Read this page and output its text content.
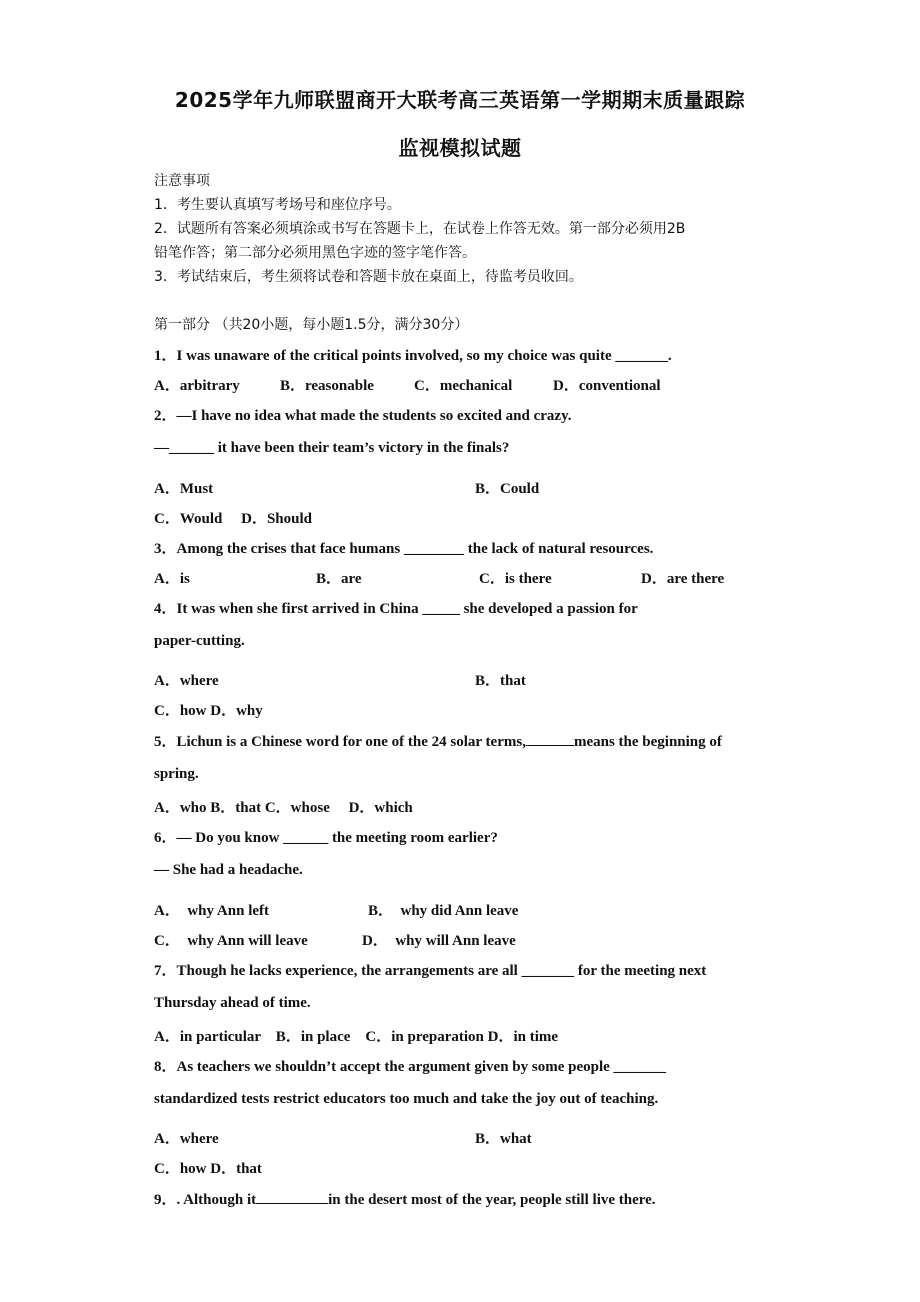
2025学年九师联盟商开大联考高三英语第一学期期末质量跟踪
监视模拟试题
注意事项
1．考生要认真填写考场号和座位序号。
2．试题所有答案必须填涂或书写在答题卡上，在试卷上作答无效。第一部分必须用2B
铅笔作答；第二部分必须用黑色字迹的签字笔作答。
3．考试结束后，考生须将试卷和答题卡放在桌面上，待监考员收回。
第一部分 （共20小题，每小题1.5分，满分30分）
1．I was unaware of the critical points involved, so my choice was quite _______.
A．arbitrary	B．reasonable	C．mechanical	D．conventional
2．—I have no idea what made the students so excited and crazy.
—______ it have been their team’s victory in the finals?
A．Must	B．Could
C．Would　 D．Should
3．Among the crises that face humans ________ the lack of natural resources.
A．is	B．are	C．is there	D．are there
4．It was when she first arrived in China _____ she developed a passion for
paper-cutting.
A．where	B．that
C．how D．why
5．Lichun is a Chinese word for one of the 24 solar terms,	means the beginning of
spring.
A．who B．that C．whose　 D．which
6．— Do you know ______ the meeting room earlier?
— She had a headache.
A．　why Ann left	B．　why did Ann leave
C．　why Ann will leave	D．　why will Ann leave
7．Though he lacks experience, the arrangements are all _______ for the meeting next
Thursday ahead of time.
A．in particular　B．in place　C．in preparation D．in time
8．As teachers we shouldn’t accept the argument given by some people _______
standardized tests restrict educators too much and take the joy out of teaching.
A．where	B．what
C．how D．that
9．. Although it	in the desert most of the year, people still live there.
